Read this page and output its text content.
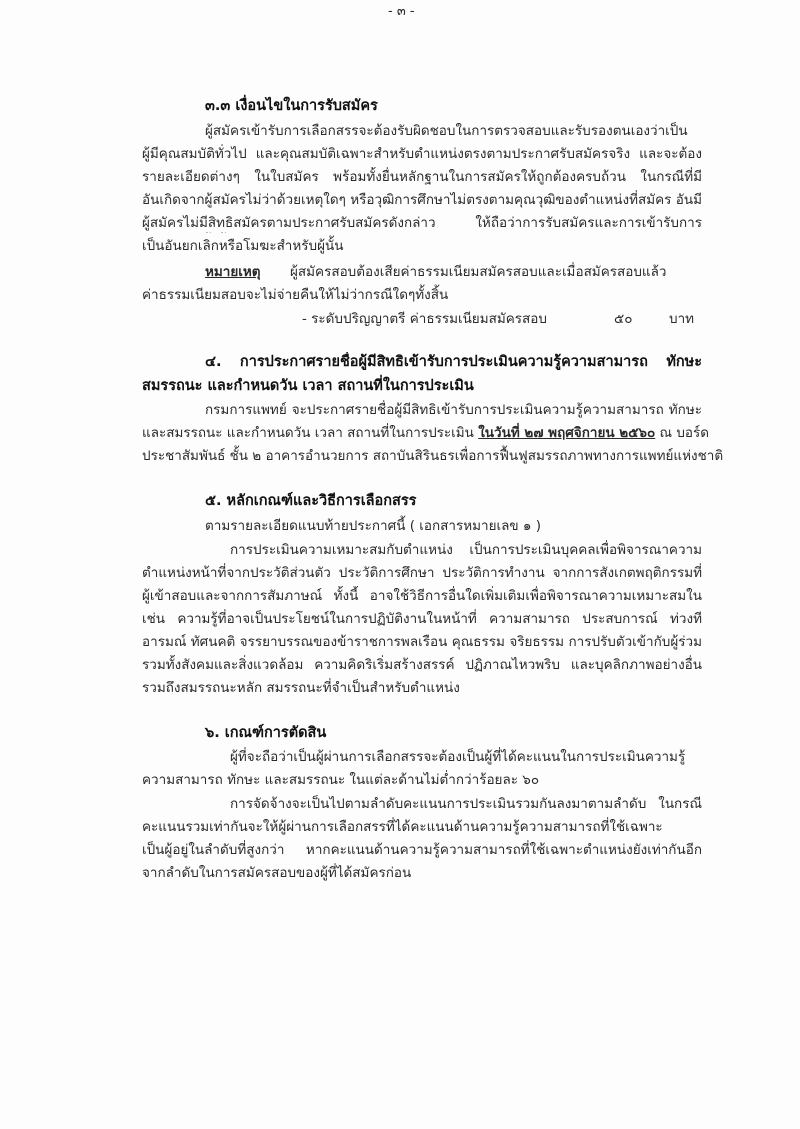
- ๓ -
๓.๓ เงื่อนไขในการรับสมัคร
ผู้สมัครเข้ารับการเลือกสรรจะต้องรับผิดชอบในการตรวจสอบและรับรองตนเองว่าเป็น
ผู้มีคุณสมบัติทั่วไป และคุณสมบัติเฉพาะสำหรับตำแหน่งตรงตามประกาศรับสมัครจริง และจะต้อง
รายละเอียดต่างๆ ในใบสมัคร พร้อมทั้งยื่นหลักฐานในการสมัครให้ถูกต้องครบถ้วน ในกรณีที่มี
อันเกิดจากผู้สมัครไม่ว่าด้วยเหตุใดๆ หรือวุฒิการศึกษาไม่ตรงตามคุณวุฒิของตำแหน่งที่สมัคร อันมี
ผู้สมัครไม่มีสิทธิสมัครตามประกาศรับสมัครดังกล่าว ให้ถือว่าการรับสมัครและการเข้ารับการ
เป็นอันยกเลิกหรือโมฆะสำหรับผู้นั้น
หมายเหตุ ผู้สมัครสอบต้องเสียค่าธรรมเนียมสมัครสอบและเมื่อสมัครสอบแล้ว
ค่าธรรมเนียมสอบจะไม่จ่ายคืนให้ไม่ว่ากรณีใดๆทั้งสิ้น
- ระดับปริญญาตรี ค่าธรรมเนียมสมัครสอบ	๕๐	บาท
๔. การประกาศรายชื่อผู้มีสิทธิเข้ารับการประเมินความรู้ความสามารถ ทักษะ
สมรรถนะ และกำหนดวัน เวลา สถานที่ในการประเมิน
กรมการแพทย์ จะประกาศรายชื่อผู้มีสิทธิเข้ารับการประเมินความรู้ความสามารถ ทักษะ
และสมรรถนะ และกำหนดวัน เวลา สถานที่ในการประเมิน ในวันที่ ๒๗ พฤศจิกายน ๒๕๖๐ ณ บอร์ด
ประชาสัมพันธ์ ชั้น ๒ อาคารอำนวยการ สถาบันสิรินธรเพื่อการฟื้นฟูสมรรถภาพทางการแพทย์แห่งชาติ
๕. หลักเกณฑ์และวิธีการเลือกสรร
ตามรายละเอียดแนบท้ายประกาศนี้ ( เอกสารหมายเลข ๑ )
การประเมินความเหมาะสมกับตำแหน่ง เป็นการประเมินบุคคลเพื่อพิจารณาความ
ตำแหน่งหน้าที่จากประวัติส่วนตัว ประวัติการศึกษา ประวัติการทำงาน จากการสังเกตพฤติกรรมที่
ผู้เข้าสอบและจากการสัมภาษณ์ ทั้งนี้ อาจใช้วิธีการอื่นใดเพิ่มเติมเพื่อพิจารณาความเหมาะสมใน
เช่น ความรู้ที่อาจเป็นประโยชน์ในการปฏิบัติงานในหน้าที่ ความสามารถ ประสบการณ์ ท่วงที
อารมณ์ ทัศนคติ จรรยาบรรณของข้าราชการพลเรือน คุณธรรม จริยธรรม การปรับตัวเข้ากับผู้ร่วม
รวมทั้งสังคมและสิ่งแวดล้อม ความคิดริเริ่มสร้างสรรค์ ปฏิภาณไหวพริบ และบุคลิกภาพอย่างอื่น
รวมถึงสมรรถนะหลัก สมรรถนะที่จำเป็นสำหรับตำแหน่ง
๖. เกณฑ์การตัดสิน
ผู้ที่จะถือว่าเป็นผู้ผ่านการเลือกสรรจะต้องเป็นผู้ที่ได้คะแนนในการประเมินความรู้
ความสามารถ ทักษะ และสมรรถนะ ในแต่ละด้านไม่ต่ำกว่าร้อยละ ๖๐
การจัดจ้างจะเป็นไปตามลำดับคะแนนการประเมินรวมกันลงมาตามลำดับ ในกรณี
คะแนนรวมเท่ากันจะให้ผู้ผ่านการเลือกสรรที่ได้คะแนนด้านความรู้ความสามารถที่ใช้เฉพาะ
เป็นผู้อยู่ในลำดับที่สูงกว่า หากคะแนนด้านความรู้ความสามารถที่ใช้เฉพาะตำแหน่งยังเท่ากันอีก
จากลำดับในการสมัครสอบของผู้ที่ได้สมัครก่อน
